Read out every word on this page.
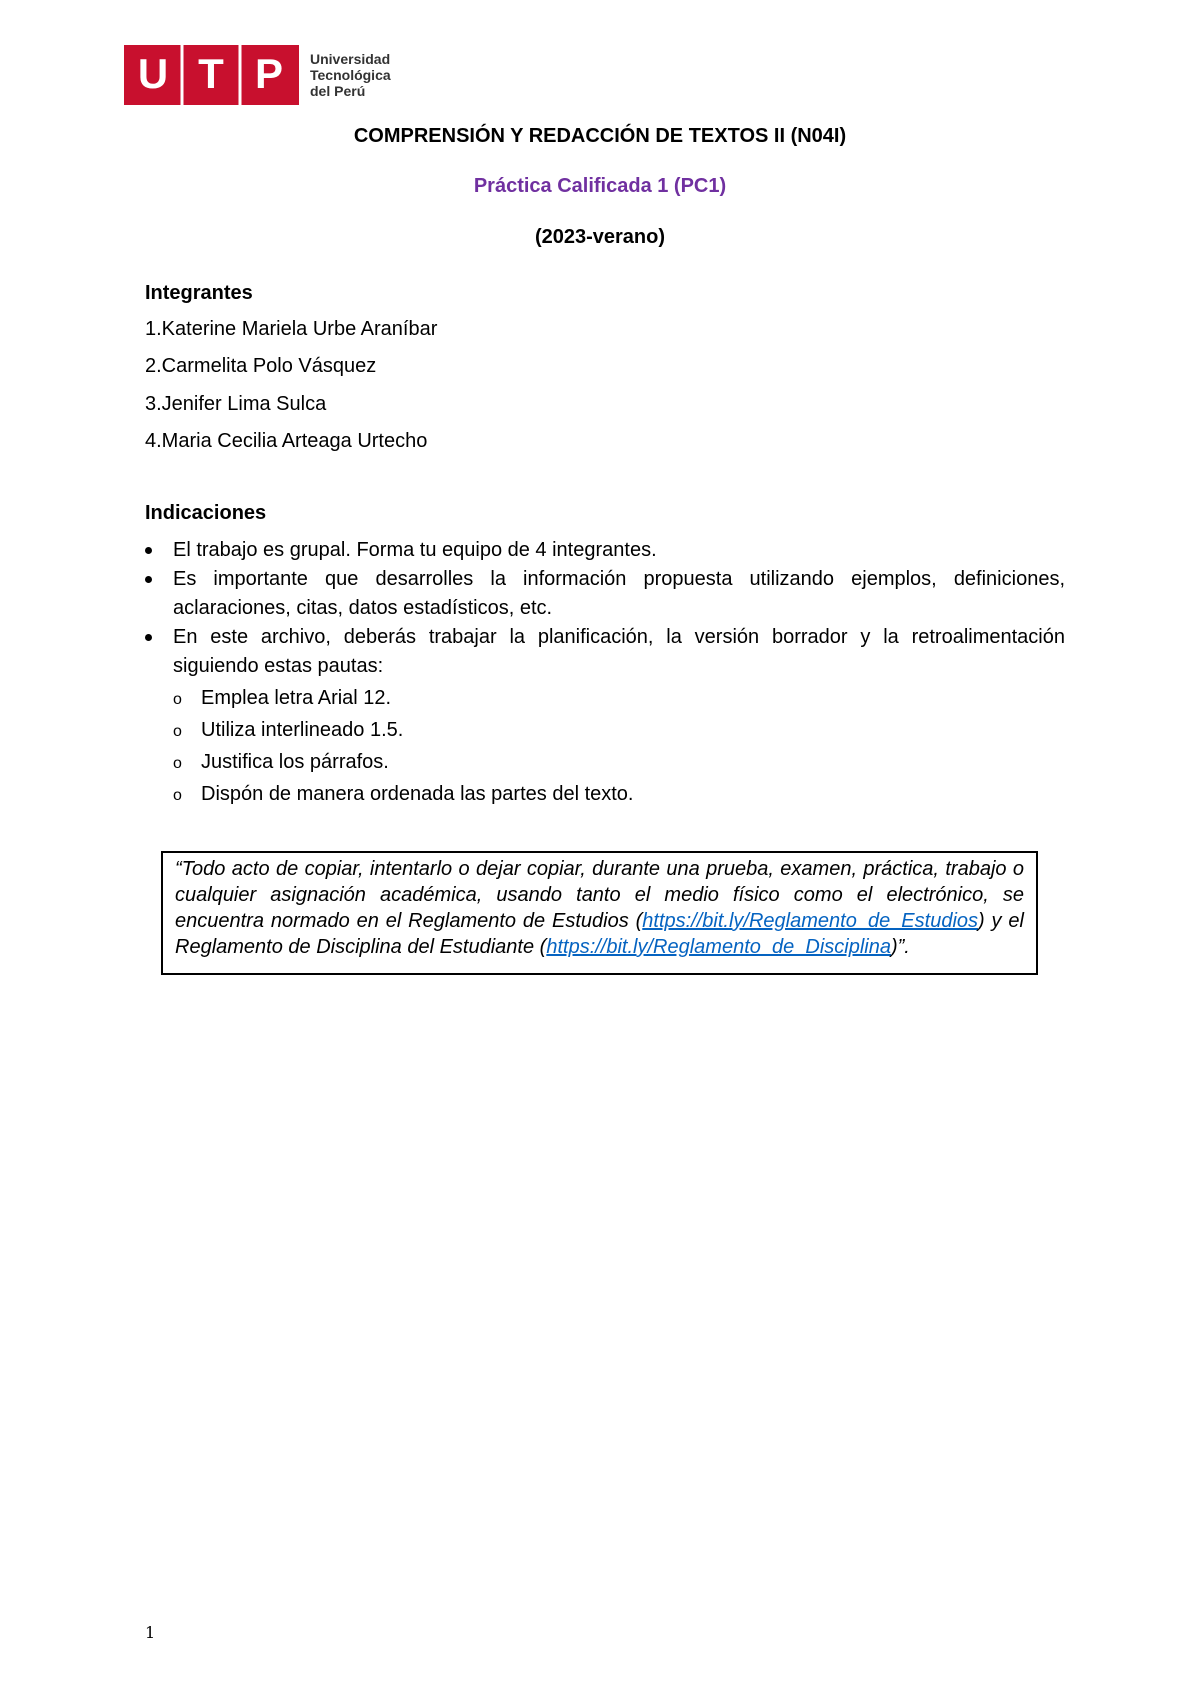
U T P Universidad
Tecnológica
del Perú
COMPRENSIÓN Y REDACCIÓN DE TEXTOS II (N04I)
Práctica Calificada 1 (PC1)
(2023-verano)
Integrantes
1.Katerine Mariela Urbe Araníbar
2.Carmelita Polo Vásquez
3.Jenifer Lima Sulca
4.Maria Cecilia Arteaga Urtecho
Indicaciones
El trabajo es grupal. Forma tu equipo de 4 integrantes.
Es importante que desarrolles la información propuesta utilizando ejemplos, definiciones, aclaraciones, citas, datos estadísticos, etc.
En este archivo, deberás trabajar la planificación, la versión borrador y la retroalimentación siguiendo estas pautas:
o Emplea letra Arial 12.
o Utiliza interlineado 1.5.
o Justifica los párrafos.
o Dispón de manera ordenada las partes del texto.
“Todo acto de copiar, intentarlo o dejar copiar, durante una prueba, examen, práctica, trabajo o cualquier asignación académica, usando tanto el medio físico como el electrónico, se encuentra normado en el Reglamento de Estudios (https://bit.ly/Reglamento_de_Estudios) y el Reglamento de Disciplina del Estudiante (https://bit.ly/Reglamento_de_Disciplina)”.
1
